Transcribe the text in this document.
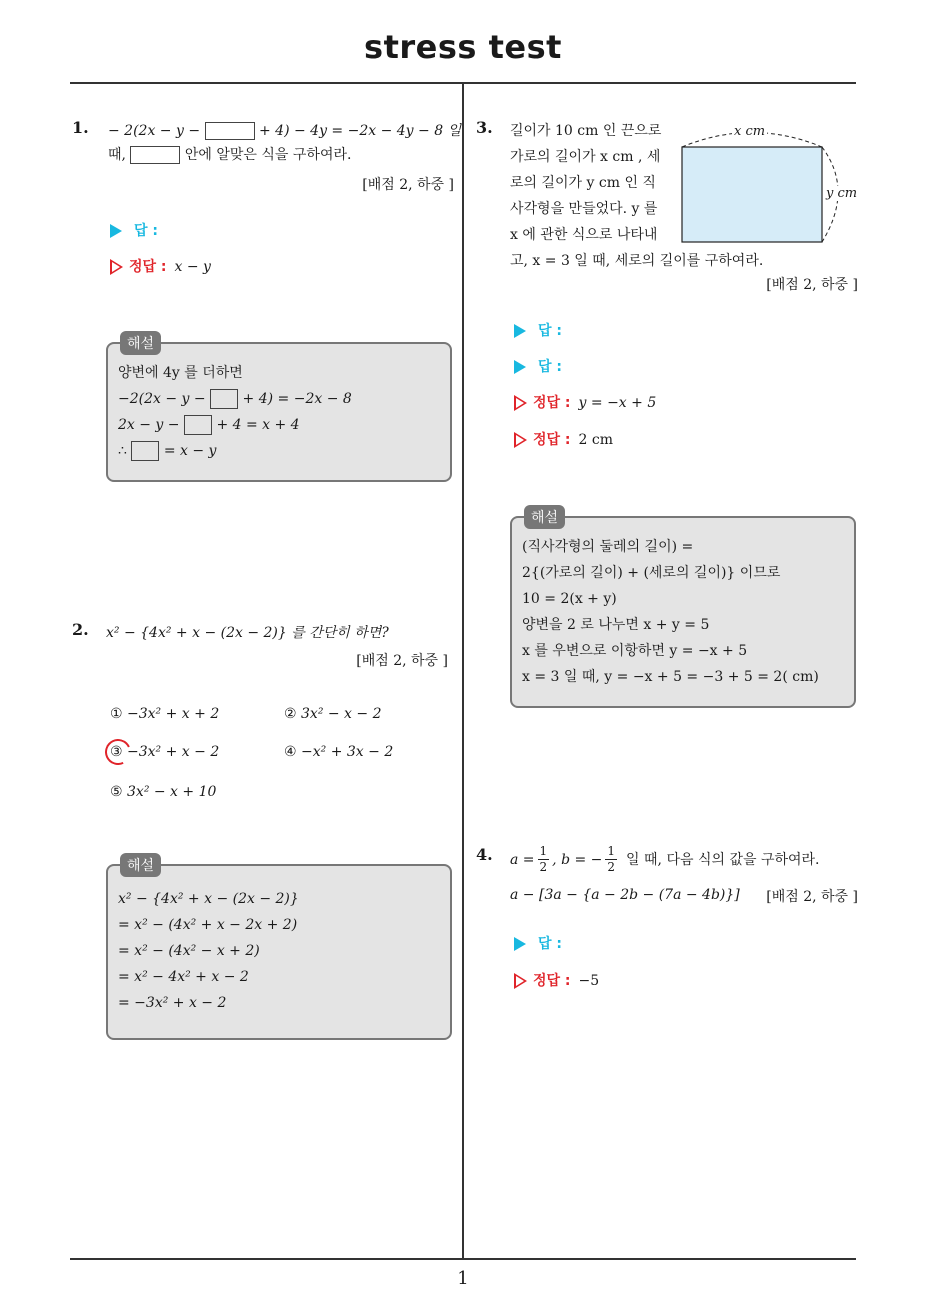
stress test
1
1. − 2(2x − y −	+ 4) − 4y = −2x − 4y − 8 일
때,	안에 알맞은 식을 구하여라.
[배점 2, 하중 ]
답 :
정답 : x − y
해설
양변에 4y 를 더하면
−2(2x − y −	+ 4) = −2x − 8
2x − y −	+ 4 = x + 4
∴	= x − y
2. x² − {4x² + x − (2x − 2)} 를 간단히 하면?
[배점 2, 하중 ]
① −3x² + x + 2	② 3x² − x − 2
③ −3x² + x − 2	④ −x² + 3x − 2
⑤ 3x² − x + 10
해설
x² − {4x² + x − (2x − 2)}
= x² − (4x² + x − 2x + 2)
= x² − (4x² − x + 2)
= x² − 4x² + x − 2
= −3x² + x − 2
3. 길이가 10 cm 인 끈으로
가로의 길이가 x cm , 세
로의 길이가 y cm 인 직
사각형을 만들었다. y 를
x 에 관한 식으로 나타내
고, x = 3 일 때, 세로의 길이를 구하여라.
x cm
y cm
[배점 2, 하중 ]
답 :
답 :
정답 : y = −x + 5
정답 : 2 cm
해설
(직사각형의 둘레의 길이) =
2{(가로의 길이) + (세로의 길이)} 이므로
10 = 2(x + y)
양변을 2 로 나누면 x + y = 5
x 를 우변으로 이항하면 y = −x + 5
x = 3 일 때, y = −x + 5 = −3 + 5 = 2( cm)
4. $a = \frac{1}{2}$ , b = − $\frac{1}{2}$ 일 때, 다음 식의 값을 구하여라.
a − [3a − {a − 2b − (7a − 4b)}] [배점 2, 하중 ]
답 :
정답 : −5
